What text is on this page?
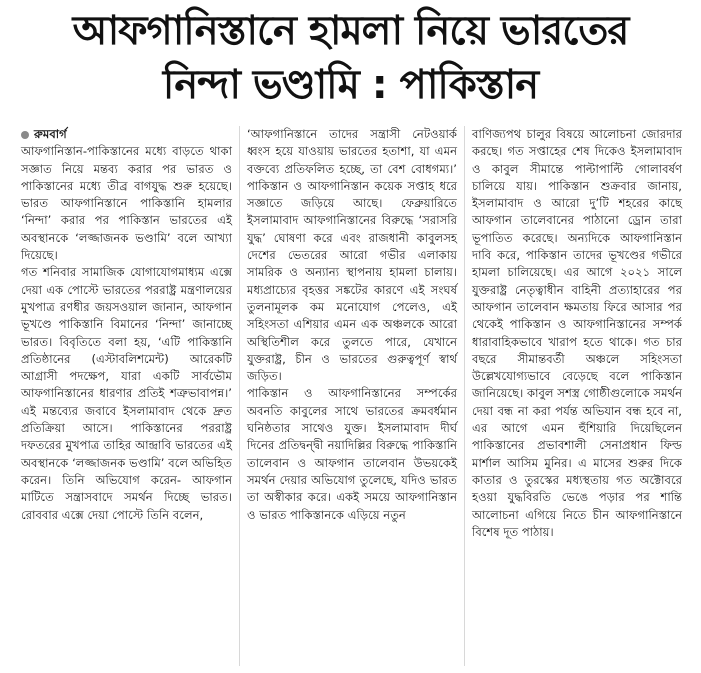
আফগানিস্তানে হামলা নিয়ে ভারতের
নিন্দা ভণ্ডামি : পাকিস্তান
রুমবার্গ

আফগানিস্তান-পাকিস্তানের মধ্যে বাড়তে থাকা সজ্ঞাত নিয়ে মন্তব্য করার পর ভারত ও পাকিস্তানের মধ্যে তীব্র বাগযুদ্ধ শুরু হয়েছে। ভারত আফগানিস্তানে পাকিস্তানি হামলার ‘নিন্দা’ করার পর পাকিস্তান ভারতের এই অবস্থানকে ‘লজ্জাজনক ভণ্ডামি’ বলে আখ্যা দিয়েছে।

গত শনিবার সামাজিক যোগাযোগমাধ্যম এক্সে দেয়া এক পোস্টে ভারতের পররাষ্ট্র মন্ত্রণালয়ের মুখপাত্র রণধীর জয়সওয়াল জানান, আফগান ভূখণ্ডে পাকিস্তানি বিমানের ‘নিন্দা’ জানাচ্ছে ভারত। বিবৃতিতে বলা হয়, ‘এটি পাকিস্তানি প্রতিষ্ঠানের (এস্টাবলিশমেন্ট) আরেকটি আগ্রাসী পদক্ষেপ, যারা একটি সার্বভৌম আফগানিস্তানের ধারণার প্রতিই শত্রুভাবাপন্ন।’ এই মন্তব্যের জবাবে ইসলামাবাদ থেকে দ্রুত প্রতিক্রিয়া আসে। পাকিস্তানের পররাষ্ট্র দফতরের মুখপাত্র তাহির আন্দ্রাবি ভারতের এই অবস্থানকে ‘লজ্জাজনক ভণ্ডামি’ বলে অভিহিত করেন। তিনি অভিযোগ করেন- আফগান মাটিতে সন্ত্রাসবাদে সমর্থন দিচ্ছে ভারত। রোববার এক্সে দেয়া পোস্টে তিনি বলেন,

‘আফগানিস্তানে তাদের সন্ত্রাসী নেটওয়ার্ক ধ্বংস হয়ে যাওয়ায় ভারতের হতাশা, যা এমন বক্তব্যে প্রতিফলিত হচ্ছে, তা বেশ বোধগম্য।’ পাকিস্তান ও আফগানিস্তান কয়েক সপ্তাহ ধরে সজ্ঞাতে জড়িয়ে আছে। ফেব্রুয়ারিতে ইসলামাবাদ আফগানিস্তানের বিরুদ্ধে ‘সরাসরি যুদ্ধ’ ঘোষণা করে এবং রাজধানী কাবুলসহ দেশের ভেতরের আরো গভীর এলাকায় সামরিক ও অন্যান্য স্থাপনায় হামলা চালায়। মধ্যপ্রাচ্যের বৃহত্তর সঙ্কটের কারণে এই সংঘর্ষ তুলনামূলক কম মনোযোগ পেলেও, এই সহিংসতা এশিয়ার এমন এক অঞ্চলকে আরো অস্থিতিশীল করে তুলতে পারে, যেখানে যুক্তরাষ্ট্র, চীন ও ভারতের গুরুত্বপূর্ণ স্বার্থ জড়িত।

পাকিস্তান ও আফগানিস্তানের সম্পর্কের অবনতি কাবুলের সাথে ভারতের ক্রমবর্ধমান ঘনিষ্ঠতার সাথেও যুক্ত। ইসলামাবাদ দীর্ঘ দিনের প্রতিদ্বন্দ্বী নয়াদিল্লির বিরুদ্ধে পাকিস্তানি তালেবান ও আফগান তালেবান উভয়কেই সমর্থন দেয়ার অভিযোগ তুলেছে, যদিও ভারত তা অস্বীকার করে। একই সময়ে আফগানিস্তান ও ভারত পাকিস্তানকে এড়িয়ে নতুন

বাণিজ্যপথ চালুর বিষয়ে আলোচনা জোরদার করছে। গত সপ্তাহের শেষ দিকেও ইসলামাবাদ ও কাবুল সীমান্তে পাল্টাপাল্টি গোলাবর্ষণ চালিয়ে যায়। পাকিস্তান শুক্রবার জানায়, ইসলামাবাদ ও আরো দু’টি শহরের কাছে আফগান তালেবানের পাঠানো ড্রোন তারা ভূপাতিত করেছে। অন্যদিকে আফগানিস্তান দাবি করে, পাকিস্তান তাদের ভূখণ্ডের গভীরে হামলা চালিয়েছে। এর আগে ২০২১ সালে যুক্তরাষ্ট্র নেতৃত্বাধীন বাহিনী প্রত্যাহারের পর আফগান তালেবান ক্ষমতায় ফিরে আসার পর থেকেই পাকিস্তান ও আফগানিস্তানের সম্পর্ক ধারাবাহিকভাবে খারাপ হতে থাকে। গত চার বছরে সীমান্তবর্তী অঞ্চলে সহিংসতা উল্লেখযোগ্যভাবে বেড়েছে বলে পাকিস্তান জানিয়েছে। কাবুল সশস্ত্র গোষ্ঠীগুলোকে সমর্থন দেয়া বন্ধ না করা পর্যন্ত অভিযান বন্ধ হবে না, এর আগে এমন হুঁশিয়ারি দিয়েছিলেন পাকিস্তানের প্রভাবশালী সেনাপ্রধান ফিল্ড মার্শাল আসিম মুনির। এ মাসের শুরুর দিকে কাতার ও তুরস্কের মধ্যস্থতায় গত অক্টোবরে হওয়া যুদ্ধবিরতি ভেঙে পড়ার পর শান্তি আলোচনা এগিয়ে নিতে চীন আফগানিস্তানে বিশেষ দূত পাঠায়।
